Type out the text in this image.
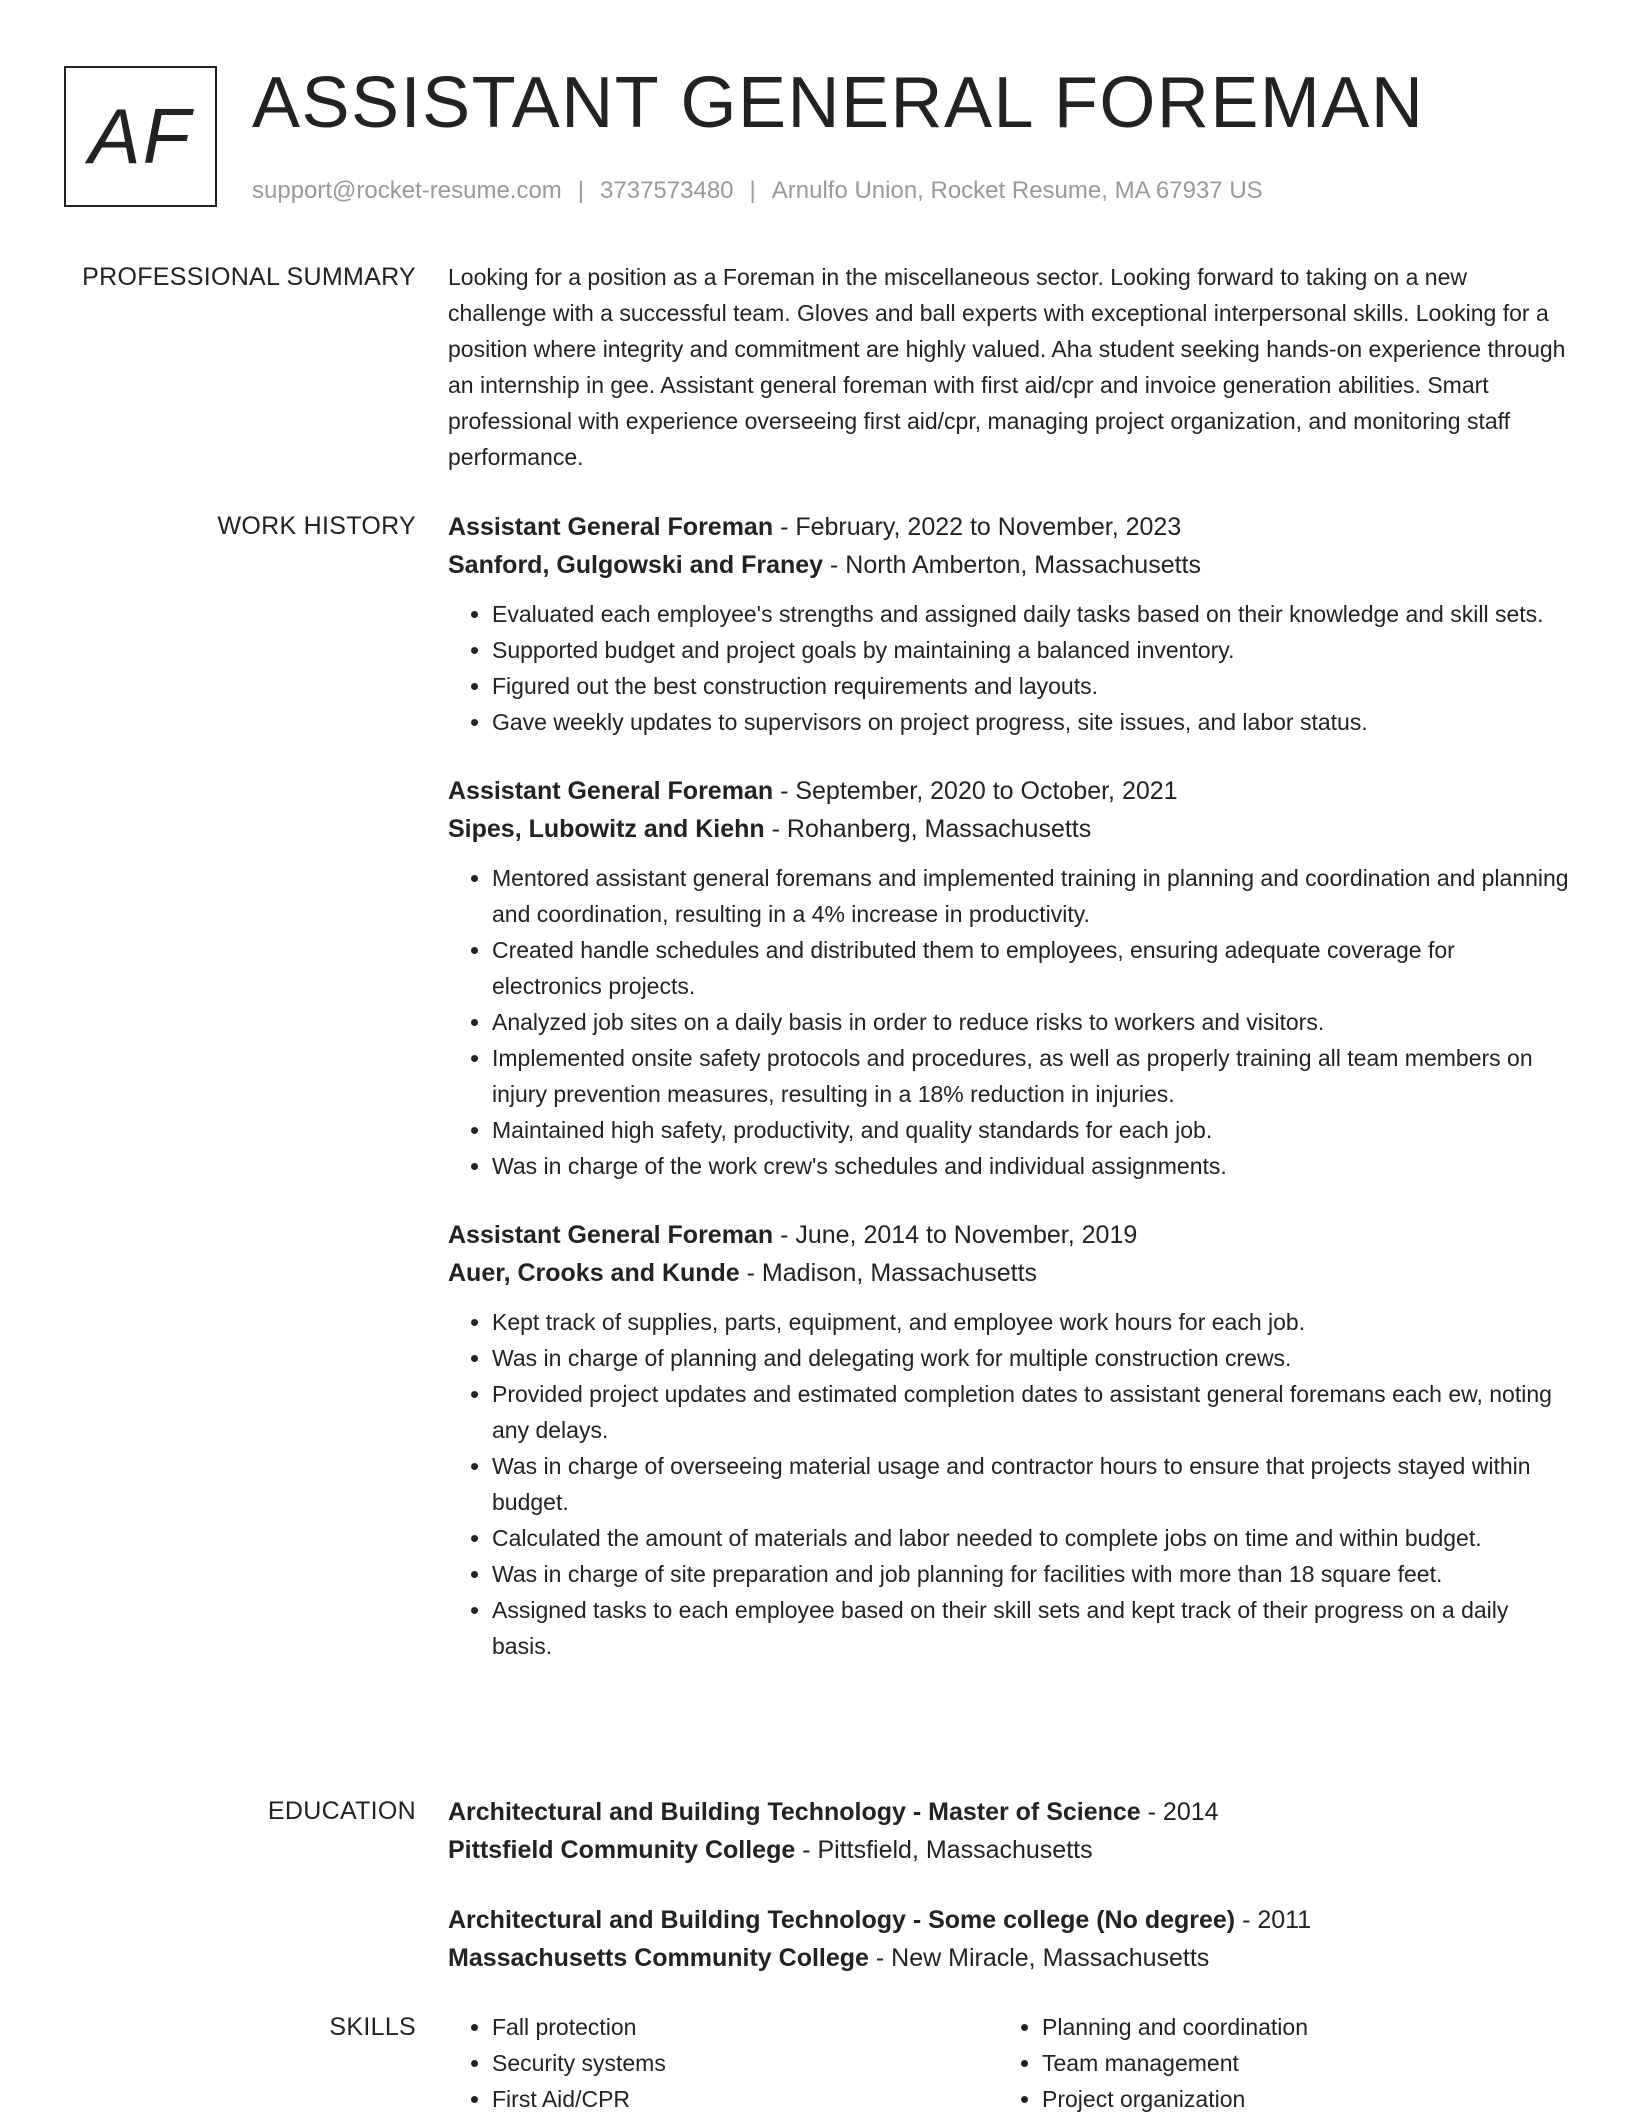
AF ASSISTANT GENERAL FOREMAN
support@rocket-resume.com | 3737573480 | Arnulfo Union, Rocket Resume, MA 67937 US
PROFESSIONAL SUMMARY Looking for a position as a Foreman in the miscellaneous sector. Looking forward to taking on a new challenge with a successful team. Gloves and ball experts with exceptional interpersonal skills. Looking for a position where integrity and commitment are highly valued. Aha student seeking hands-on experience through an internship in gee. Assistant general foreman with first aid/cpr and invoice generation abilities. Smart professional with experience overseeing first aid/cpr, managing project organization, and monitoring staff performance.

WORK HISTORY Assistant General Foreman - February, 2022 to November, 2023
Sanford, Gulgowski and Franey - North Amberton, Massachusetts
• Evaluated each employee's strengths and assigned daily tasks based on their knowledge and skill sets.
• Supported budget and project goals by maintaining a balanced inventory.
• Figured out the best construction requirements and layouts.
• Gave weekly updates to supervisors on project progress, site issues, and labor status.
Assistant General Foreman - September, 2020 to October, 2021
Sipes, Lubowitz and Kiehn - Rohanberg, Massachusetts
• Mentored assistant general foremans and implemented training in planning and coordination and planning and coordination, resulting in a 4% increase in productivity.
• Created handle schedules and distributed them to employees, ensuring adequate coverage for electronics projects.
• Analyzed job sites on a daily basis in order to reduce risks to workers and visitors.
• Implemented onsite safety protocols and procedures, as well as properly training all team members on injury prevention measures, resulting in a 18% reduction in injuries.
• Maintained high safety, productivity, and quality standards for each job.
• Was in charge of the work crew's schedules and individual assignments.
Assistant General Foreman - June, 2014 to November, 2019
Auer, Crooks and Kunde - Madison, Massachusetts
• Kept track of supplies, parts, equipment, and employee work hours for each job.
• Was in charge of planning and delegating work for multiple construction crews.
• Provided project updates and estimated completion dates to assistant general foremans each ew, noting any delays.
• Was in charge of overseeing material usage and contractor hours to ensure that projects stayed within budget.
• Calculated the amount of materials and labor needed to complete jobs on time and within budget.
• Was in charge of site preparation and job planning for facilities with more than 18 square feet.
• Assigned tasks to each employee based on their skill sets and kept track of their progress on a daily basis.
EDUCATION Architectural and Building Technology - Master of Science - 2014
Pittsfield Community College - Pittsfield, Massachusetts
Architectural and Building Technology - Some college (No degree) - 2011
Massachusetts Community College - New Miracle, Massachusetts
SKILLS
•	Fall protection
• Security systems
• First Aid/CPR
• Planning and coordination
• Team management
• Project organization
